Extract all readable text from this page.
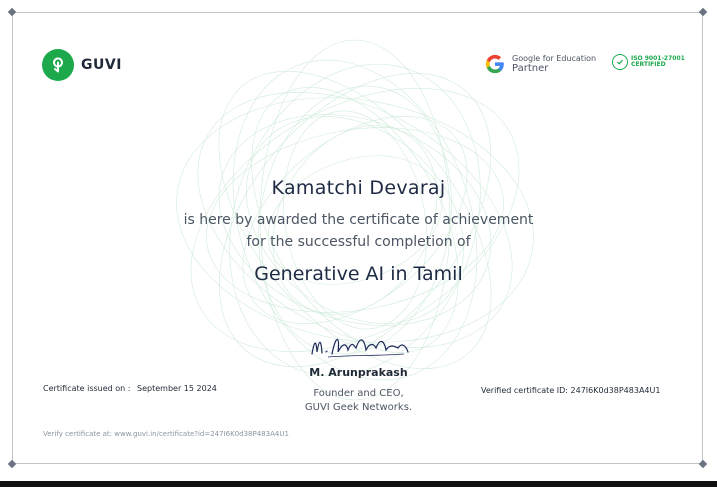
GUVI	Google for Education
Partner
ISO 9001-27001
CERTIFIED
Kamatchi Devaraj
is here by awarded the certificate of achievement
for the successful completion of
Generative AI in Tamil
M. Arunprakash
Founder and CEO,
GUVI Geek Networks.
Certificate issued on : September 15 2024	Verified certificate ID: 247I6K0d38P483A4U1
Verify certificate at: www.guvi.in/certificate?id=247I6K0d38P483A4U1
